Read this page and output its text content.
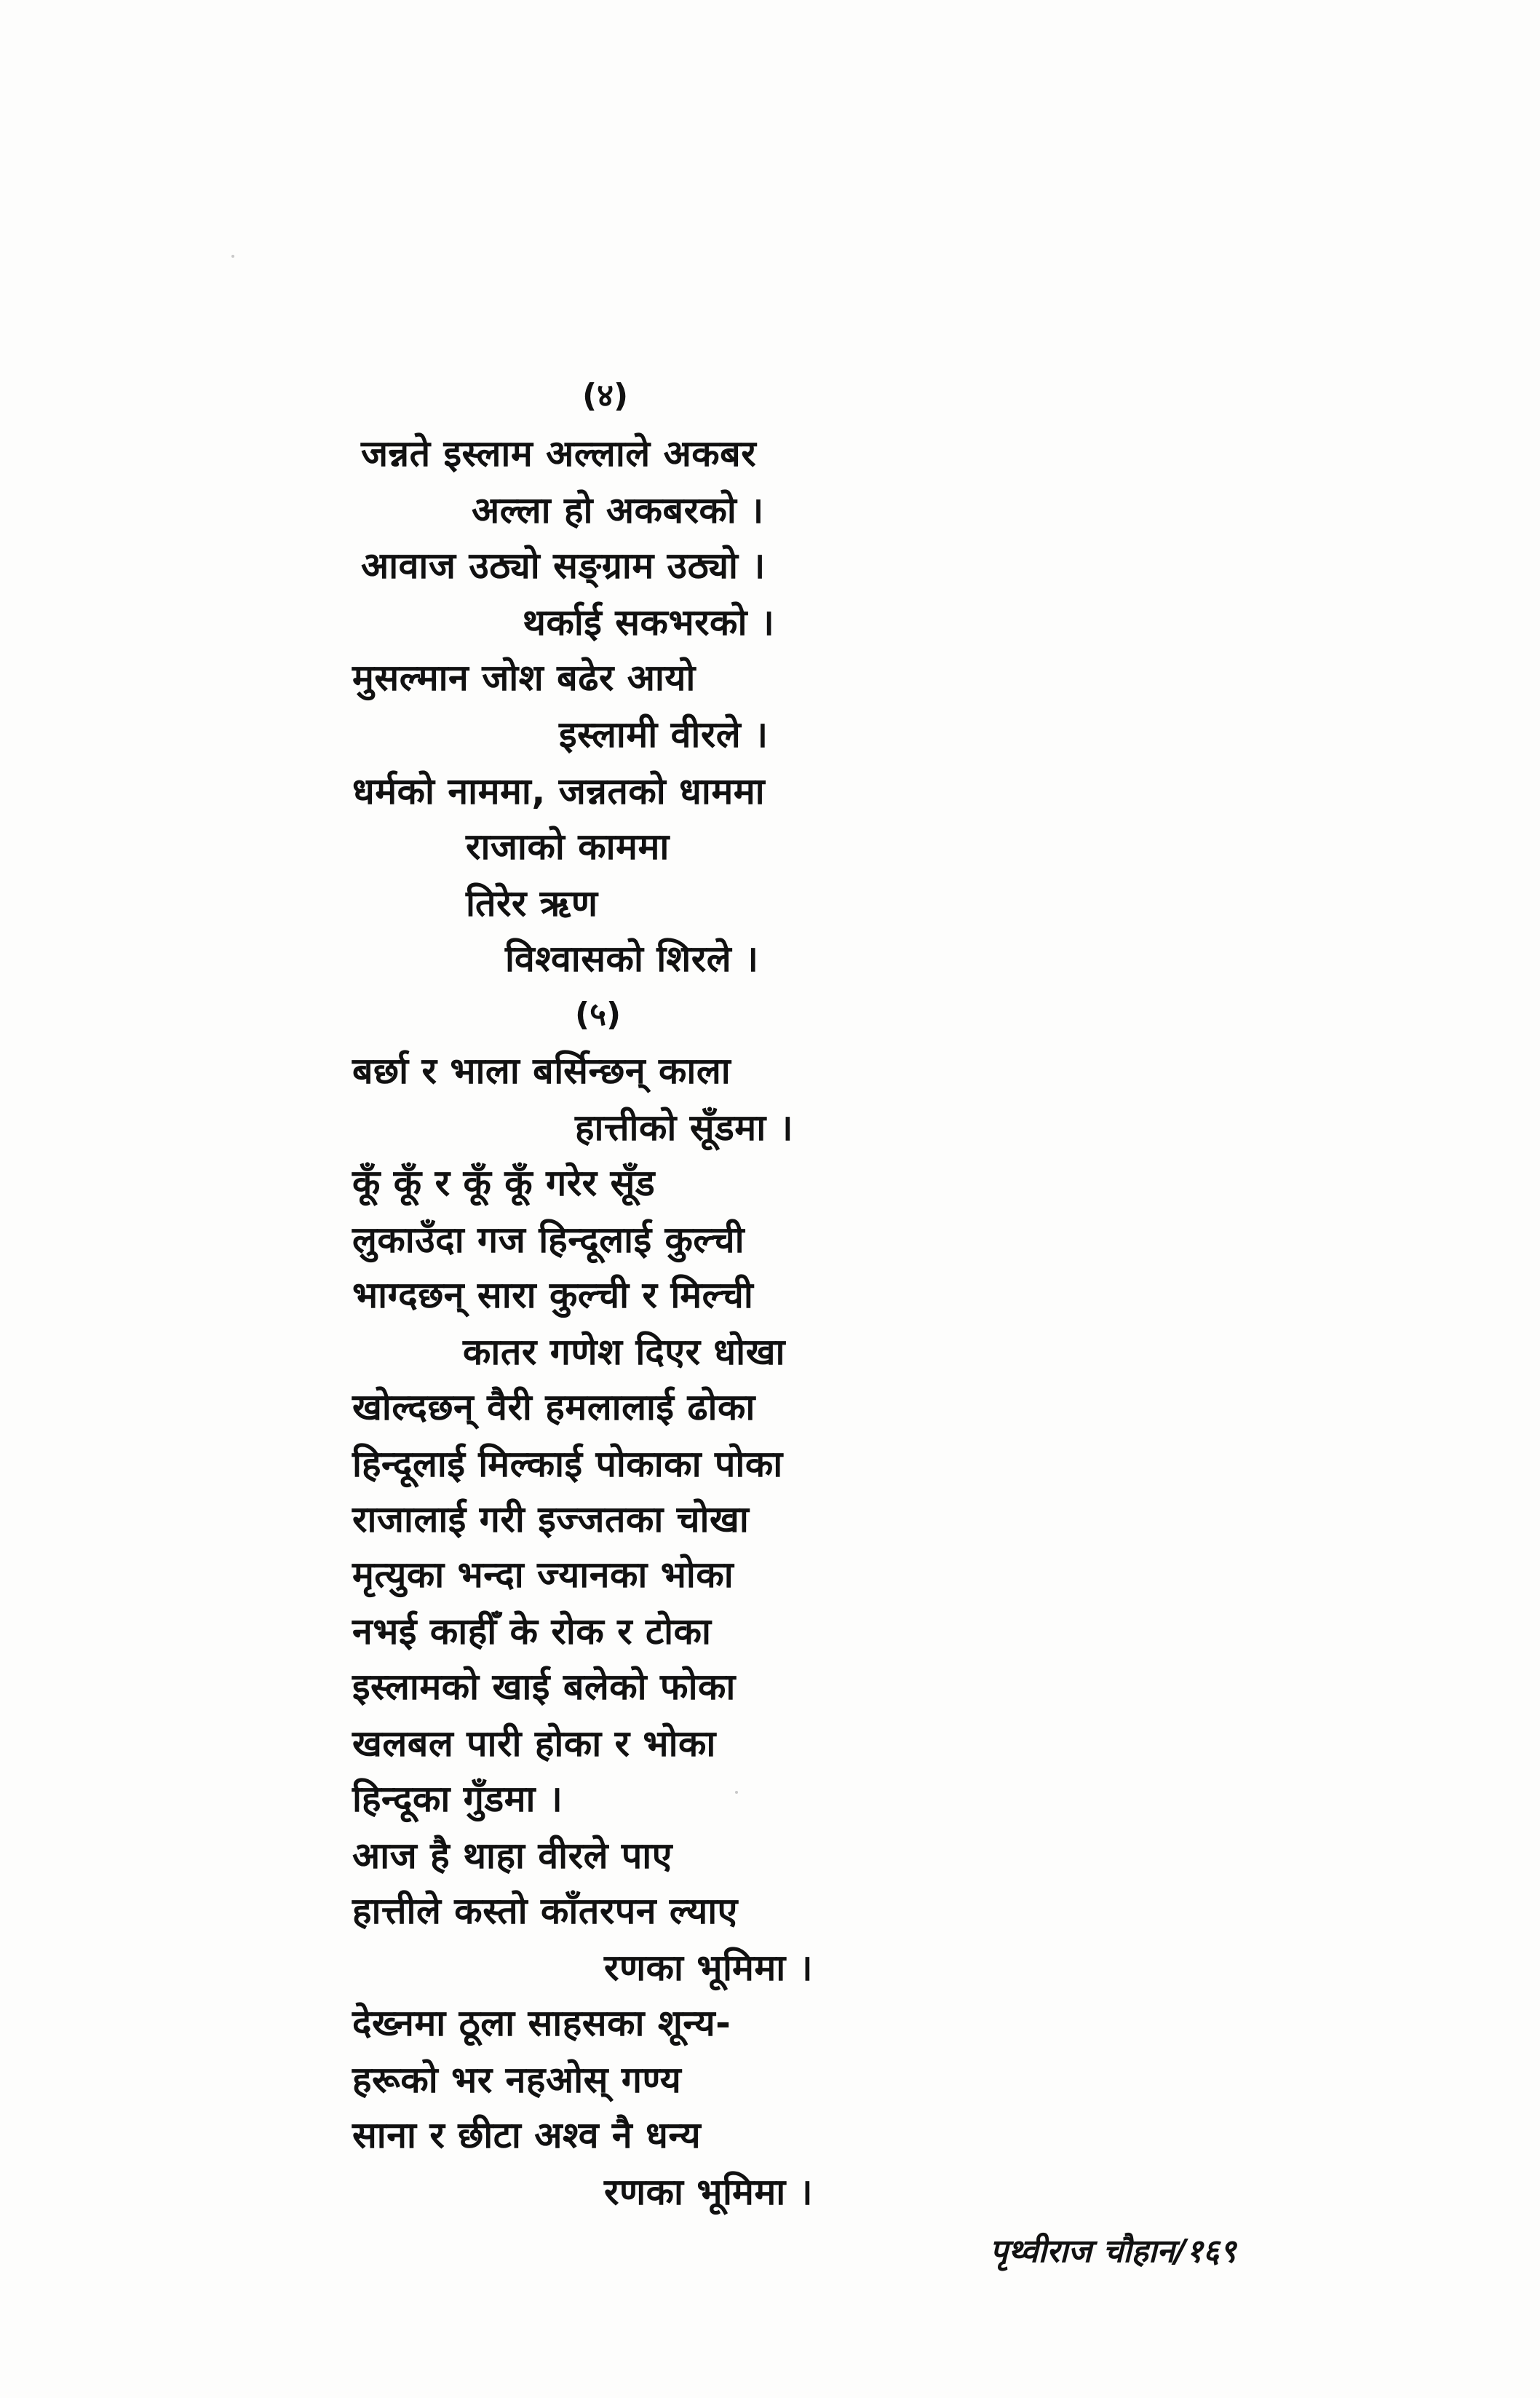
(४)
जन्नते इस्लाम अल्लाले अकबर
अल्ला हो अकबरको ।
आवाज उठ्यो सङ्ग्राम उठ्यो ।
थर्काई सकभरको ।
मुसल्मान जोश बढेर आयो
इस्लामी वीरले ।
धर्मको नाममा, जन्नतको धाममा
राजाको काममा
तिरेर ऋण
विश्वासको शिरले ।
(५)
बर्छा र भाला बर्सिन्छन् काला
हात्तीको सूँडमा ।
कूँ कूँ र कूँ कूँ गरेर सूँड
लुकाउँदा गज हिन्दूलाई कुल्ची
भाग्दछन् सारा कुल्ची र मिल्ची
कातर गणेश दिएर धोखा
खोल्दछन् वैरी हमलालाई ढोका
हिन्दूलाई मिल्काई पोकाका पोका
राजालाई गरी इज्जतका चोखा
मृत्युका भन्दा ज्यानका भोका
नभई काहीँ के रोक र टोका
इस्लामको खाई बलेको फोका
खलबल पारी होका र भोका
हिन्दूका गुँडमा ।
आज है थाहा वीरले पाए
हात्तीले कस्तो काँतरपन ल्याए
रणका भूमिमा ।
देख्नमा ठूला साहसका शून्य-
हरूको भर नहओस् गण्य
साना र छीटा अश्व नै धन्य
रणका भूमिमा ।
पृथ्वीराज चौहान/१६९
